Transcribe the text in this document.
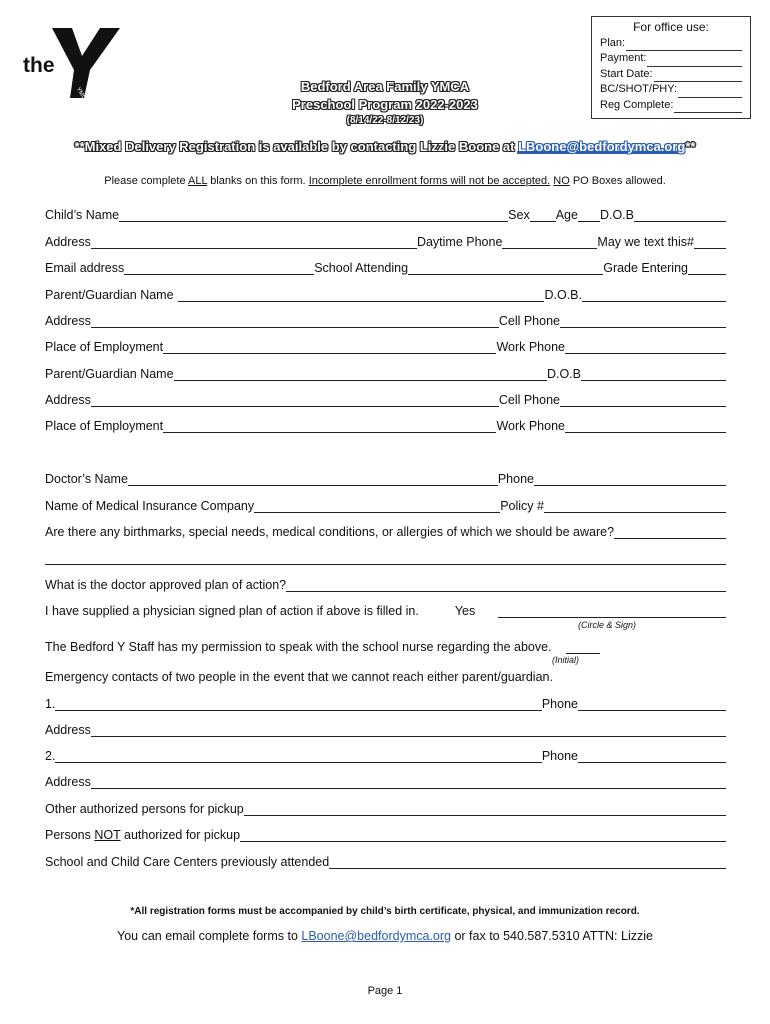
the
YMCA
For office use:
Plan:
Payment:
Start Date:
BC/SHOT/PHY:
Reg Complete:
Bedford Area Family YMCA
Preschool Program 2022-2023
(8/14/22-8/12/23)
**Mixed Delivery Registration is available by contacting Lizzie Boone at LBoone@bedfordymca.org**
Please complete ALL blanks on this form. Incomplete enrollment forms will not be accepted. NO PO Boxes allowed.
Child’s Name	Sex Age D.O.B
Address	Daytime Phone	May we text this#
Email address	School Attending	Grade Entering
Parent/Guardian Name	D.O.B.
Address	Cell Phone
Place of Employment	Work Phone
Parent/Guardian Name	D.O.B
Address	Cell Phone
Place of Employment	Work Phone
Doctor’s Name	Phone
Name of Medical Insurance Company	Policy #
Are there any birthmarks, special needs, medical conditions, or allergies of which we should be aware?
What is the doctor approved plan of action?
I have supplied a physician signed plan of action if above is filled in.	Yes
(Circle & Sign)
The Bedford Y Staff has my permission to speak with the school nurse regarding the above.
(Initial)
Emergency contacts of two people in the event that we cannot reach either parent/guardian.
1.	Phone
Address
2.	Phone
Address
Other authorized persons for pickup
Persons NOT authorized for pickup
School and Child Care Centers previously attended
*All registration forms must be accompanied by child’s birth certificate, physical, and immunization record.
You can email complete forms to LBoone@bedfordymca.org or fax to 540.587.5310 ATTN: Lizzie
Page 1
